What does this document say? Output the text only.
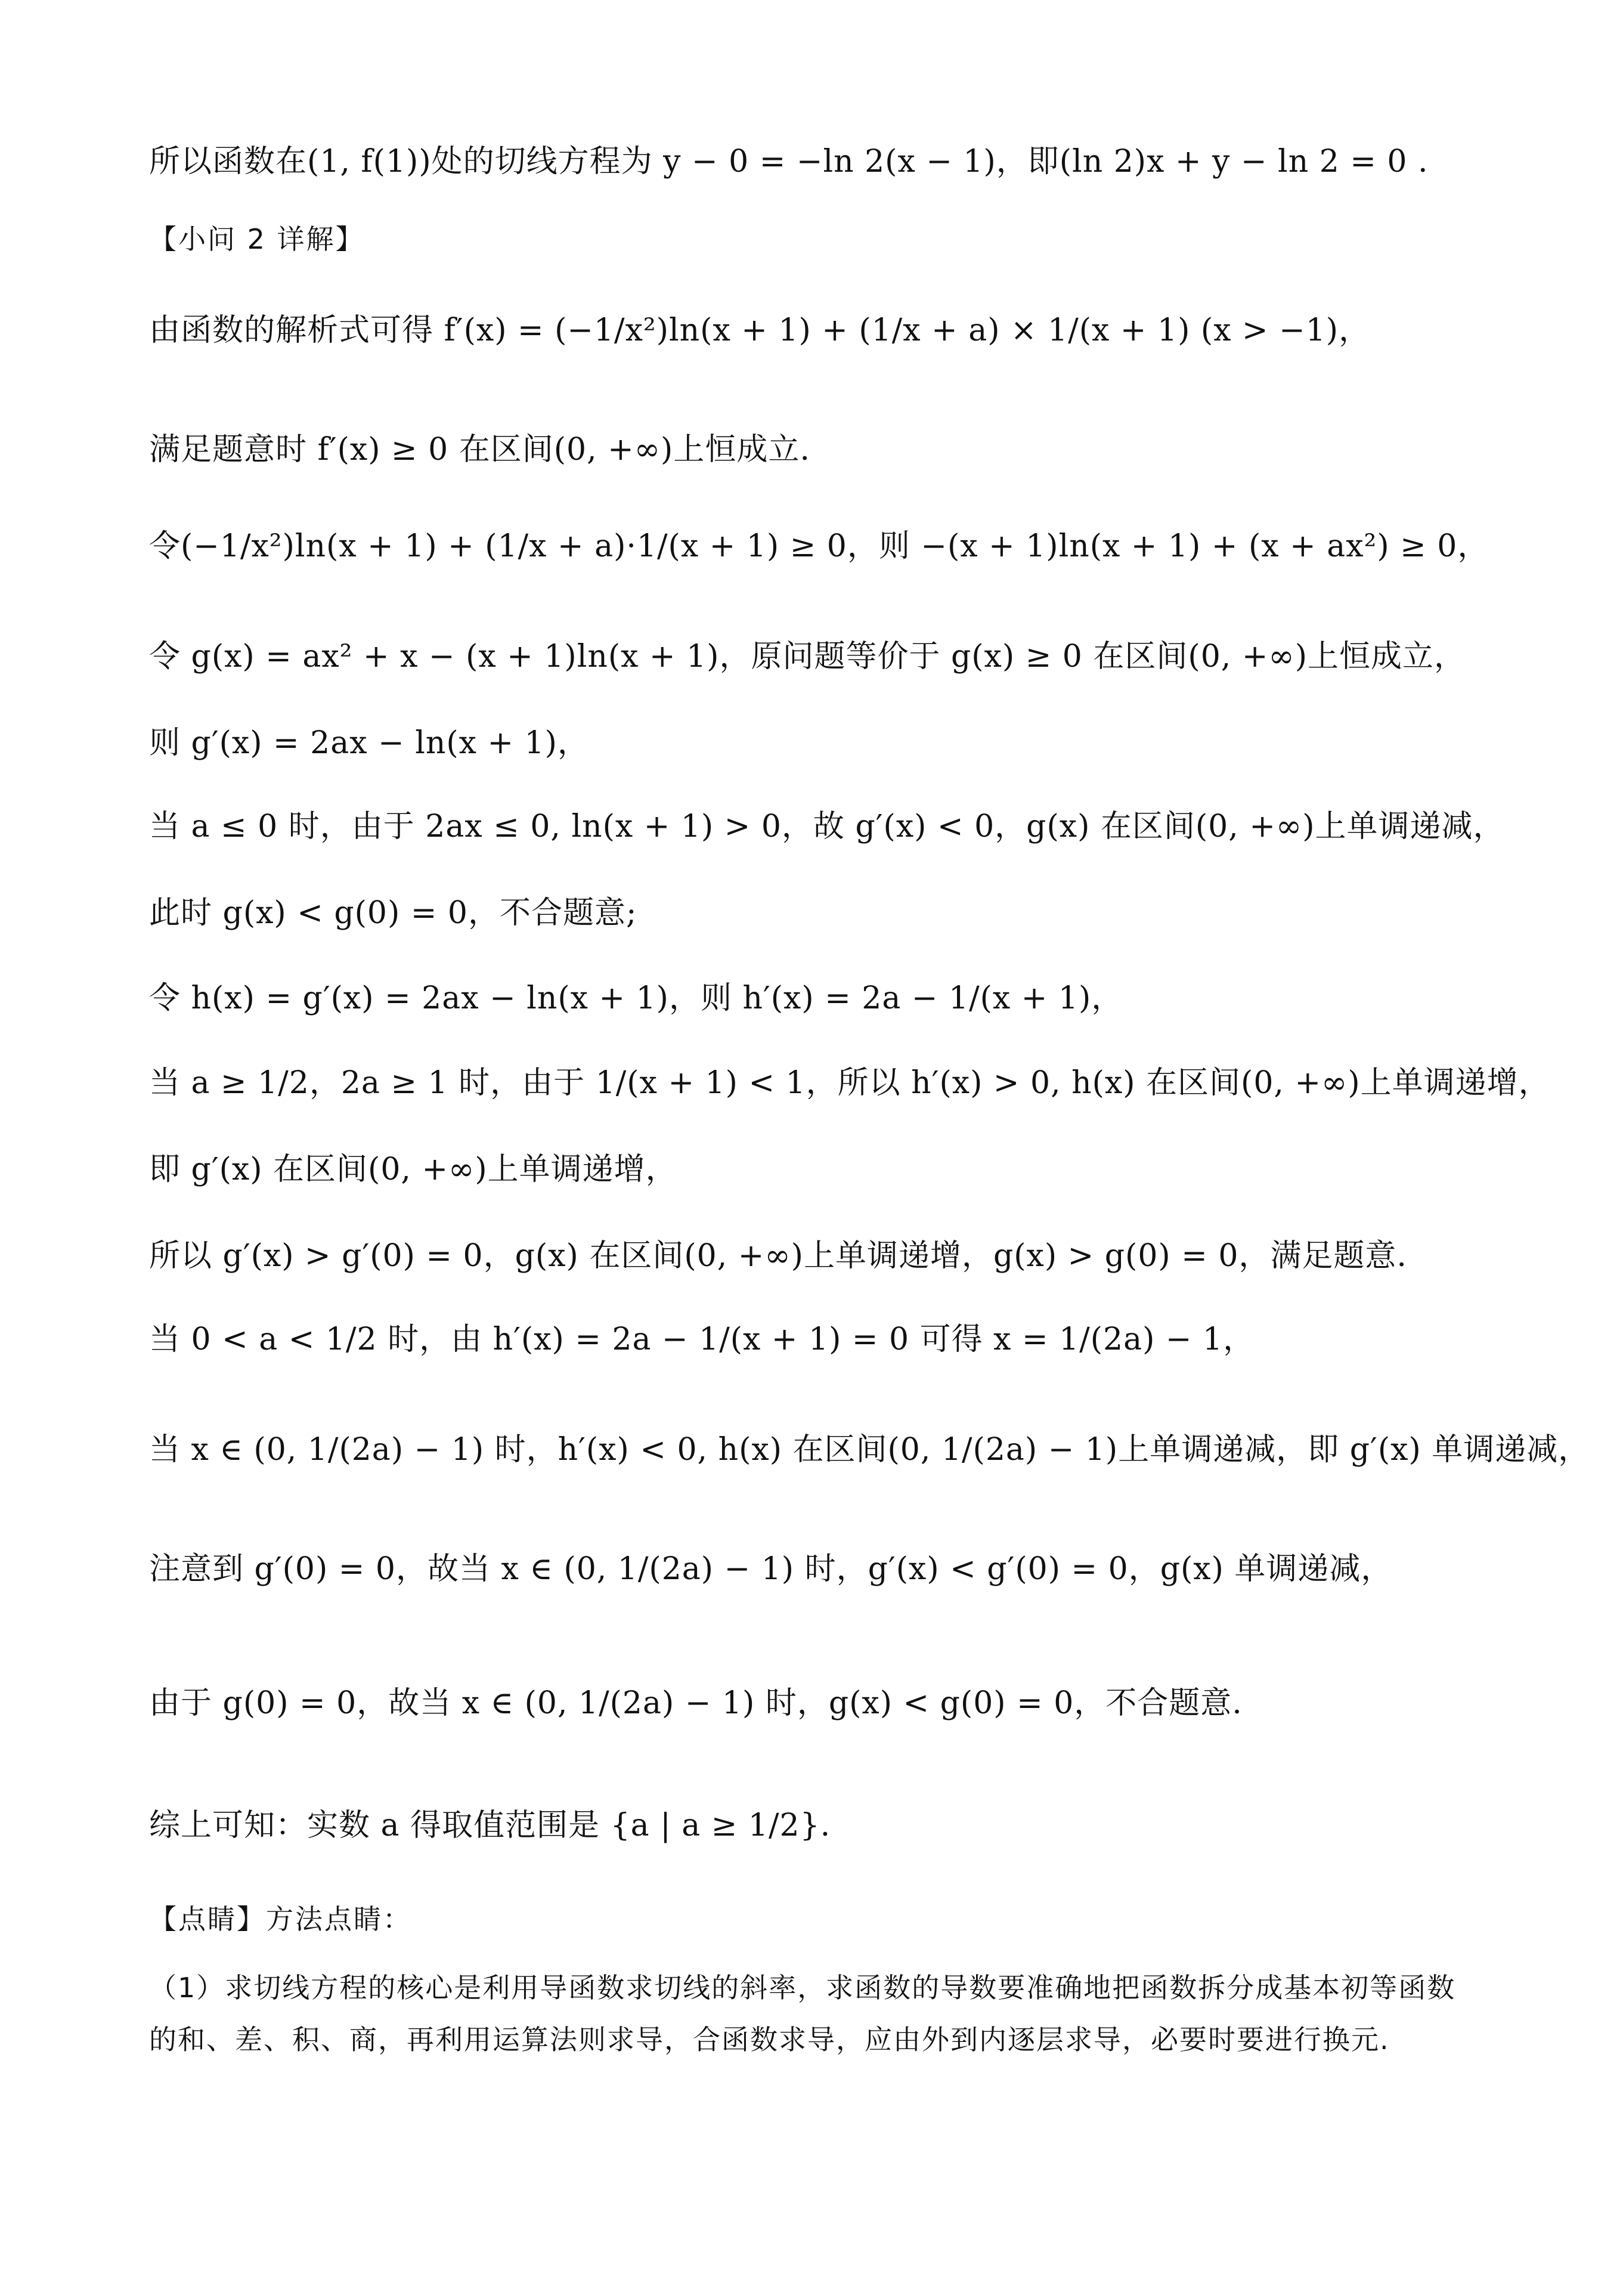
所以函数在(1, f(1))处的切线方程为 y − 0 = −ln 2(x − 1)，即(ln 2)x + y − ln 2 = 0 .
【小问 2 详解】
由函数的解析式可得 f′(x) = (−1/x²)ln(x + 1) + (1/x + a) × 1/(x + 1) (x > −1)，
满足题意时 f′(x) ≥ 0 在区间(0, +∞)上恒成立.
令(−1/x²)ln(x + 1) + (1/x + a)·1/(x + 1) ≥ 0，则 −(x + 1)ln(x + 1) + (x + ax²) ≥ 0，
令 g(x) = ax² + x − (x + 1)ln(x + 1)，原问题等价于 g(x) ≥ 0 在区间(0, +∞)上恒成立，
则 g′(x) = 2ax − ln(x + 1)，
当 a ≤ 0 时，由于 2ax ≤ 0, ln(x + 1) > 0，故 g′(x) < 0，g(x) 在区间(0, +∞)上单调递减，
此时 g(x) < g(0) = 0，不合题意;
令 h(x) = g′(x) = 2ax − ln(x + 1)，则 h′(x) = 2a − 1/(x + 1)，
当 a ≥ 1/2，2a ≥ 1 时，由于 1/(x + 1) < 1，所以 h′(x) > 0, h(x) 在区间(0, +∞)上单调递增，
即 g′(x) 在区间(0, +∞)上单调递增，
所以 g′(x) > g′(0) = 0，g(x) 在区间(0, +∞)上单调递增，g(x) > g(0) = 0，满足题意.
当 0 < a < 1/2 时，由 h′(x) = 2a − 1/(x + 1) = 0 可得 x = 1/(2a) − 1，
当 x ∈ (0, 1/(2a) − 1) 时，h′(x) < 0, h(x) 在区间(0, 1/(2a) − 1)上单调递减，即 g′(x) 单调递减，
注意到 g′(0) = 0，故当 x ∈ (0, 1/(2a) − 1) 时，g′(x) < g′(0) = 0，g(x) 单调递减，
由于 g(0) = 0，故当 x ∈ (0, 1/(2a) − 1) 时，g(x) < g(0) = 0，不合题意.
综上可知：实数 a 得取值范围是 {a | a ≥ 1/2}.
【点睛】方法点睛：
（1）求切线方程的核心是利用导函数求切线的斜率，求函数的导数要准确地把函数拆分成基本初等函数的和、差、积、商，再利用运算法则求导，合函数求导，应由外到内逐层求导，必要时要进行换元.
